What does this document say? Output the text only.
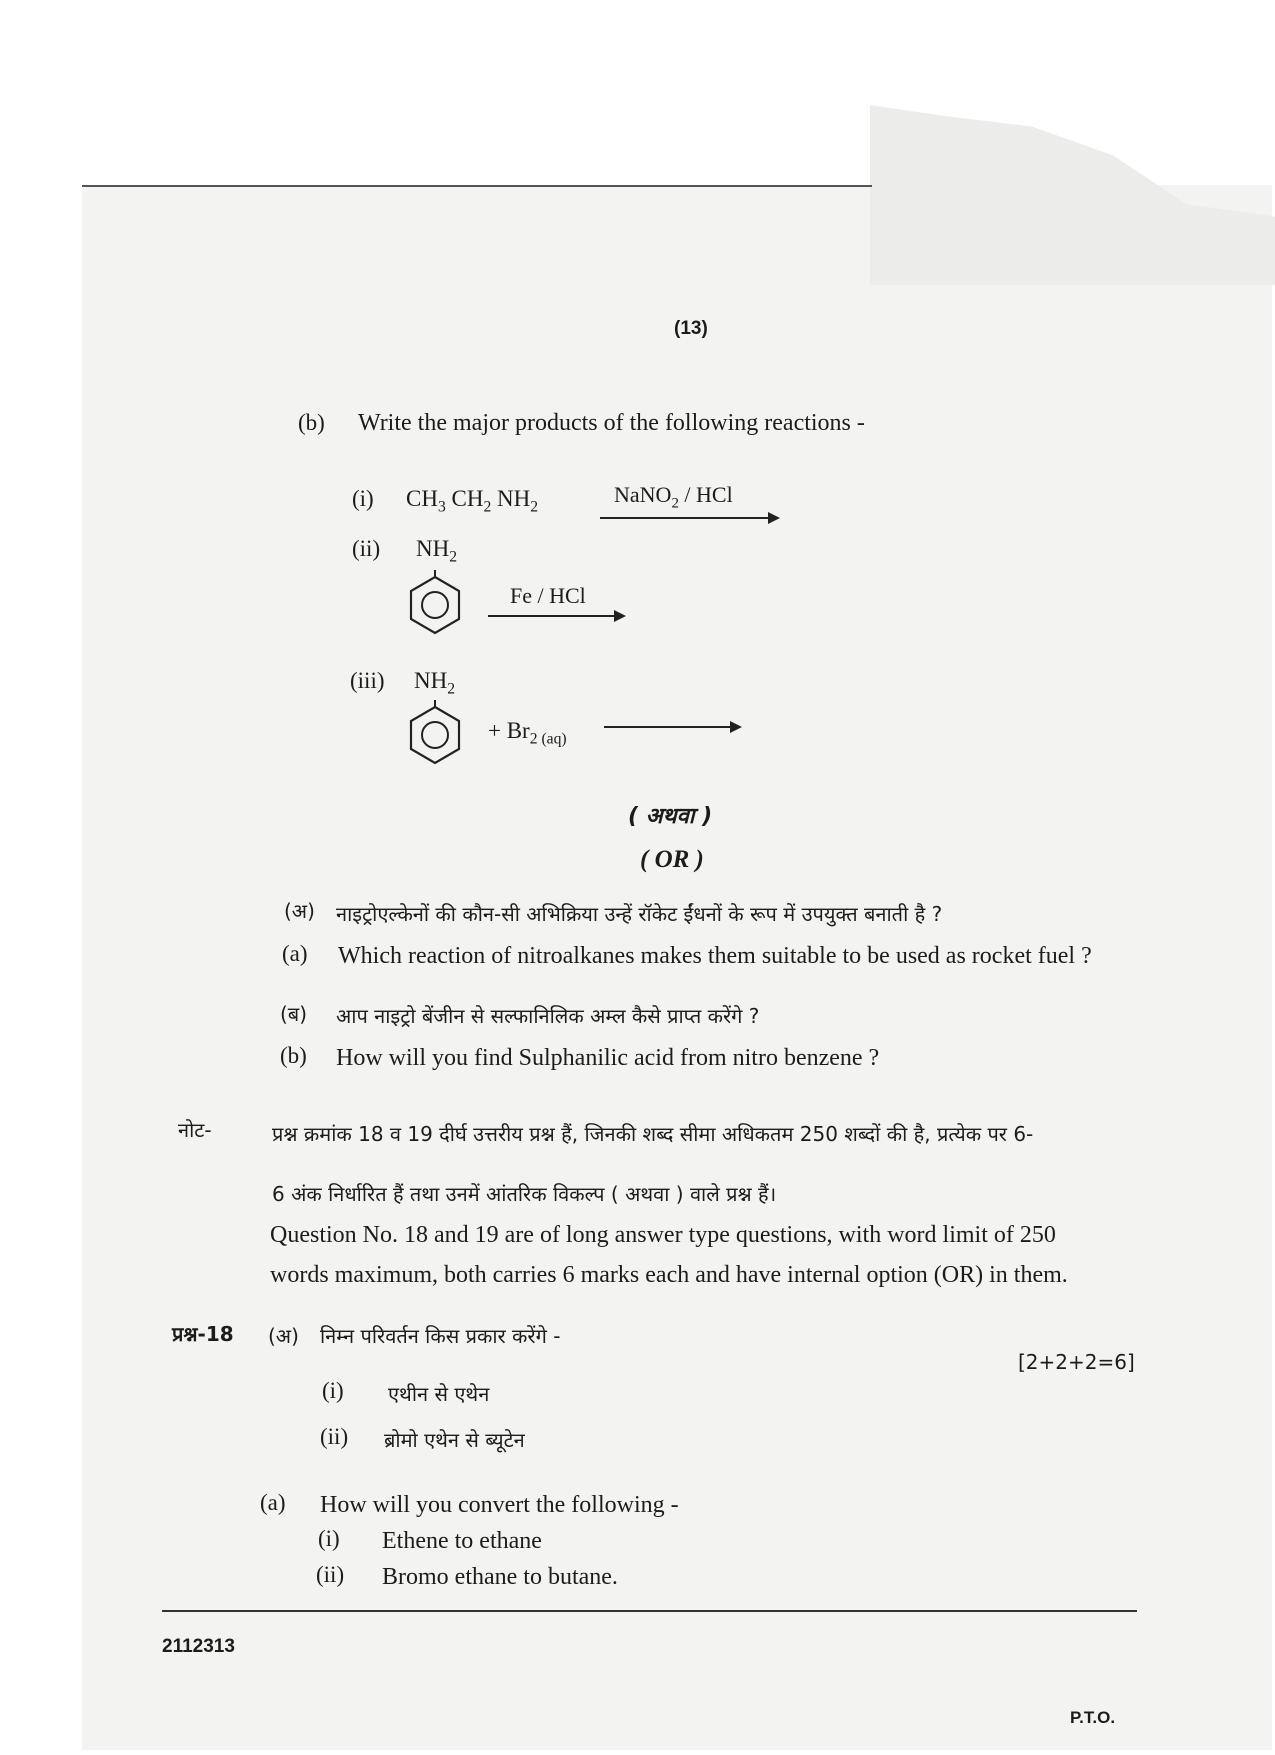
(13)
(b) Write the major products of the following reactions -
(i) $CH_3$ $CH_2$ $NH_2$
NaNO$_2$ / HCl
(ii) $NH_2$
Fe / HCl
(iii) $NH_2$
+ $Br_{2 (aq)}$
( अथवा )
( OR )
(अ) नाइट्रोएल्केनों की कौन-सी अभिक्रिया उन्हें रॉकेट ईंधनों के रूप में उपयुक्त बनाती है ?
(a) Which reaction of nitroalkanes makes them suitable to be used as rocket fuel ?
(ब) आप नाइट्रो बेंजीन से सल्फानिलिक अम्ल कैसे प्राप्त करेंगे ?
(b) How will you find Sulphanilic acid from nitro benzene ?
नोट-	प्रश्न क्रमांक 18 व 19 दीर्घ उत्तरीय प्रश्न हैं, जिनकी शब्द सीमा अधिकतम 250 शब्दों की है, प्रत्येक पर 6-
6 अंक निर्धारित हैं तथा उनमें आंतरिक विकल्प ( अथवा ) वाले प्रश्न हैं।
Question No. 18 and 19 are of long answer type questions, with word limit of 250
words maximum, both carries 6 marks each and have internal option (OR) in them.
प्रश्न-18 (अ) निम्न परिवर्तन किस प्रकार करेंगे -
[2+2+2=6]
(i) एथीन से एथेन
(ii) ब्रोमो एथेन से ब्यूटेन
(a) How will you convert the following -
(i) Ethene to ethane
(ii) Bromo ethane to butane.
2112313
P.T.O.
